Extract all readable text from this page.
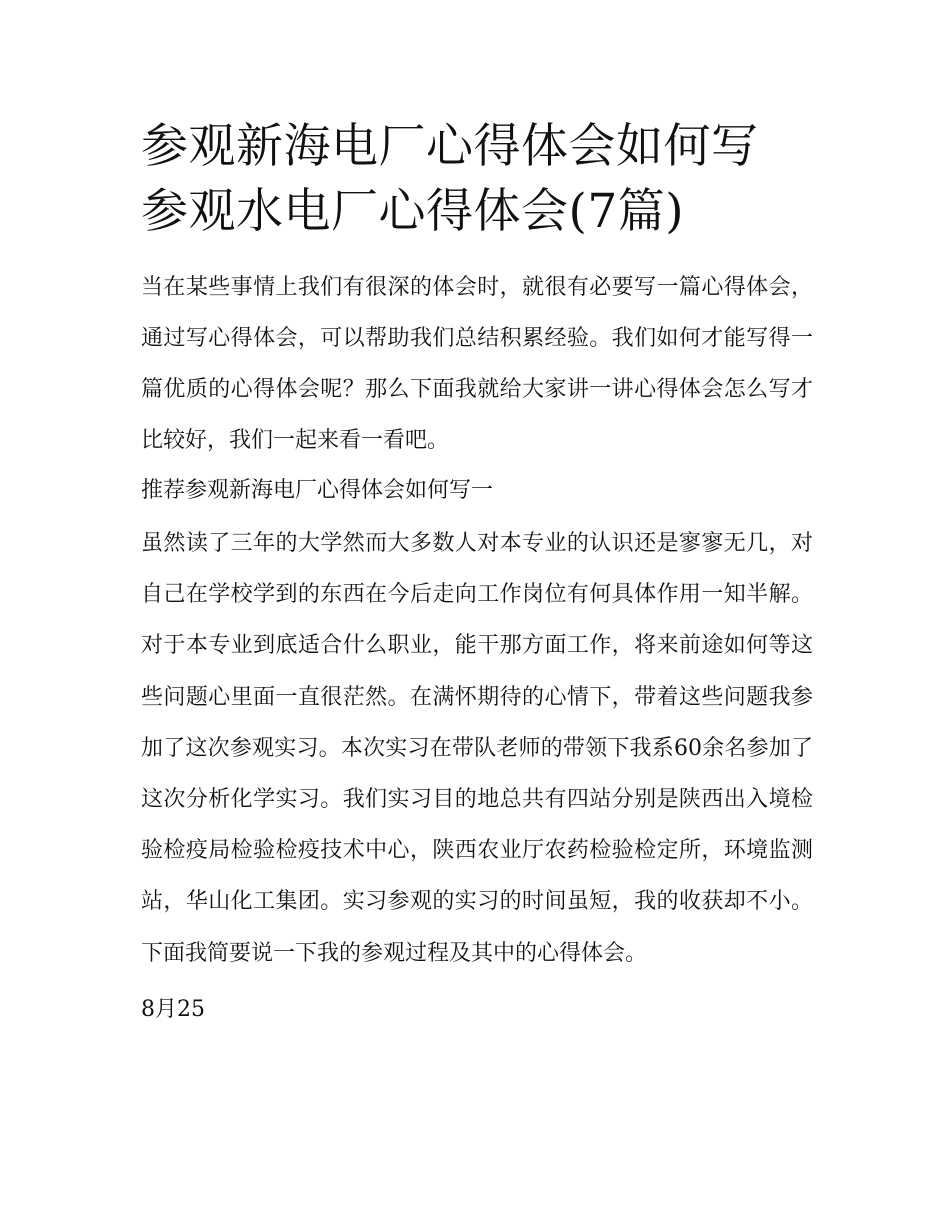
参观新海电厂心得体会如何写
参观水电厂心得体会(7篇)

当在某些事情上我们有很深的体会时，就很有必要写一篇心得体会，通过写心得体会，可以帮助我们总结积累经验。我们如何才能写得一篇优质的心得体会呢？那么下面我就给大家讲一讲心得体会怎么写才比较好，我们一起来看一看吧。

推荐参观新海电厂心得体会如何写一

虽然读了三年的大学然而大多数人对本专业的认识还是寥寥无几，对自己在学校学到的东西在今后走向工作岗位有何具体作用一知半解。对于本专业到底适合什么职业，能干那方面工作，将来前途如何等这些问题心里面一直很茫然。在满怀期待的心情下，带着这些问题我参加了这次参观实习。本次实习在带队老师的带领下我系60余名参加了这次分析化学实习。我们实习目的地总共有四站分别是陕西出入境检验检疫局检验检疫技术中心，陕西农业厅农药检验检定所，环境监测站，华山化工集团。实习参观的实习的时间虽短，我的收获却不小。下面我简要说一下我的参观过程及其中的心得体会。

8月25
